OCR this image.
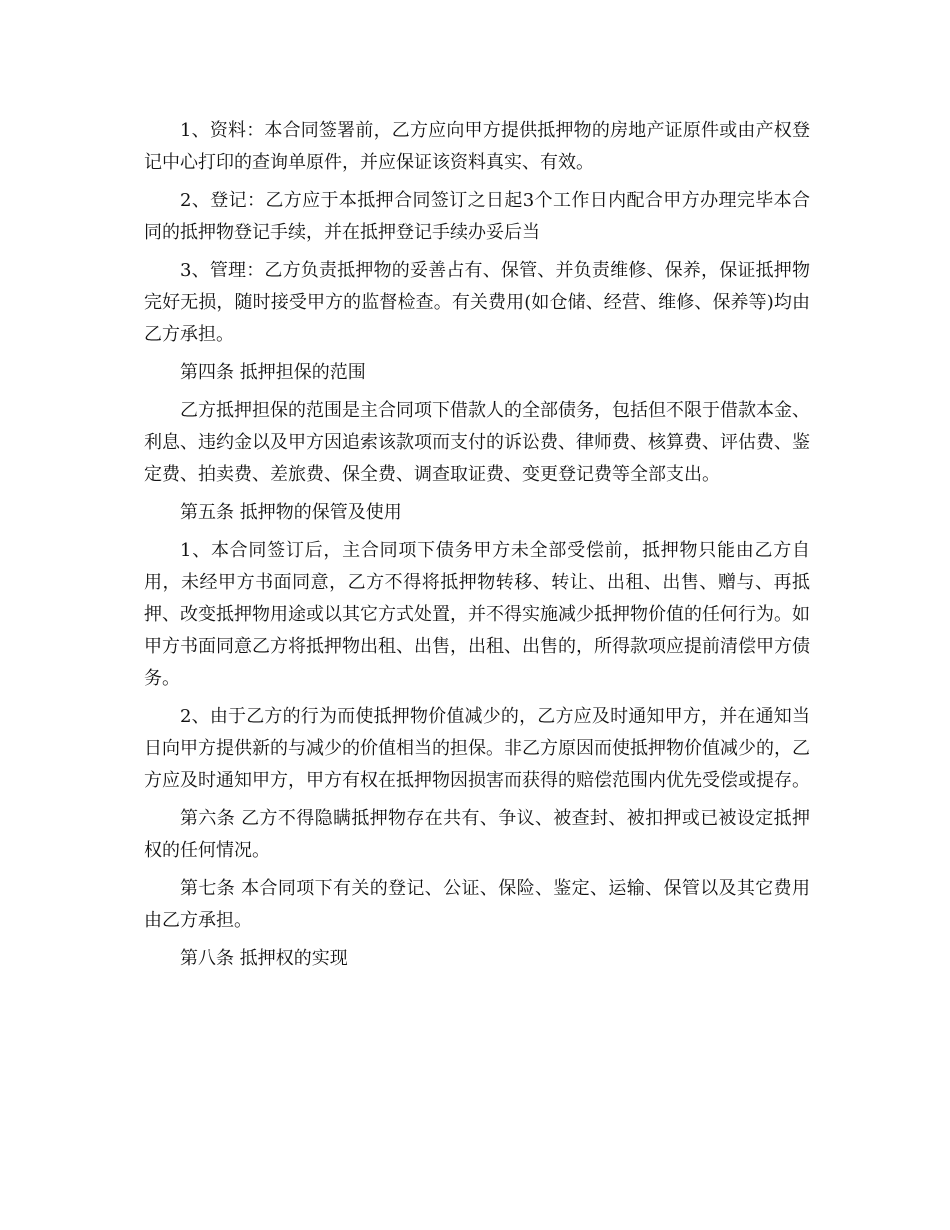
1、资料：本合同签署前，乙方应向甲方提供抵押物的房地产证原件或由产权登记中心打印的查询单原件，并应保证该资料真实、有效。

2、登记：乙方应于本抵押合同签订之日起3个工作日内配合甲方办理完毕本合同的抵押物登记手续，并在抵押登记手续办妥后当

3、管理：乙方负责抵押物的妥善占有、保管、并负责维修、保养，保证抵押物完好无损，随时接受甲方的监督检查。有关费用(如仓储、经营、维修、保养等)均由乙方承担。

第四条 抵押担保的范围

乙方抵押担保的范围是主合同项下借款人的全部债务，包括但不限于借款本金、利息、违约金以及甲方因追索该款项而支付的诉讼费、律师费、核算费、评估费、鉴定费、拍卖费、差旅费、保全费、调查取证费、变更登记费等全部支出。

第五条 抵押物的保管及使用

1、本合同签订后，主合同项下债务甲方未全部受偿前，抵押物只能由乙方自用，未经甲方书面同意，乙方不得将抵押物转移、转让、出租、出售、赠与、再抵押、改变抵押物用途或以其它方式处置，并不得实施减少抵押物价值的任何行为。如甲方书面同意乙方将抵押物出租、出售，出租、出售的，所得款项应提前清偿甲方债务。

2、由于乙方的行为而使抵押物价值减少的，乙方应及时通知甲方，并在通知当日向甲方提供新的与减少的价值相当的担保。非乙方原因而使抵押物价值减少的，乙方应及时通知甲方，甲方有权在抵押物因损害而获得的赔偿范围内优先受偿或提存。

第六条 乙方不得隐瞒抵押物存在共有、争议、被查封、被扣押或已被设定抵押权的任何情况。

第七条 本合同项下有关的登记、公证、保险、鉴定、运输、保管以及其它费用由乙方承担。

第八条 抵押权的实现
